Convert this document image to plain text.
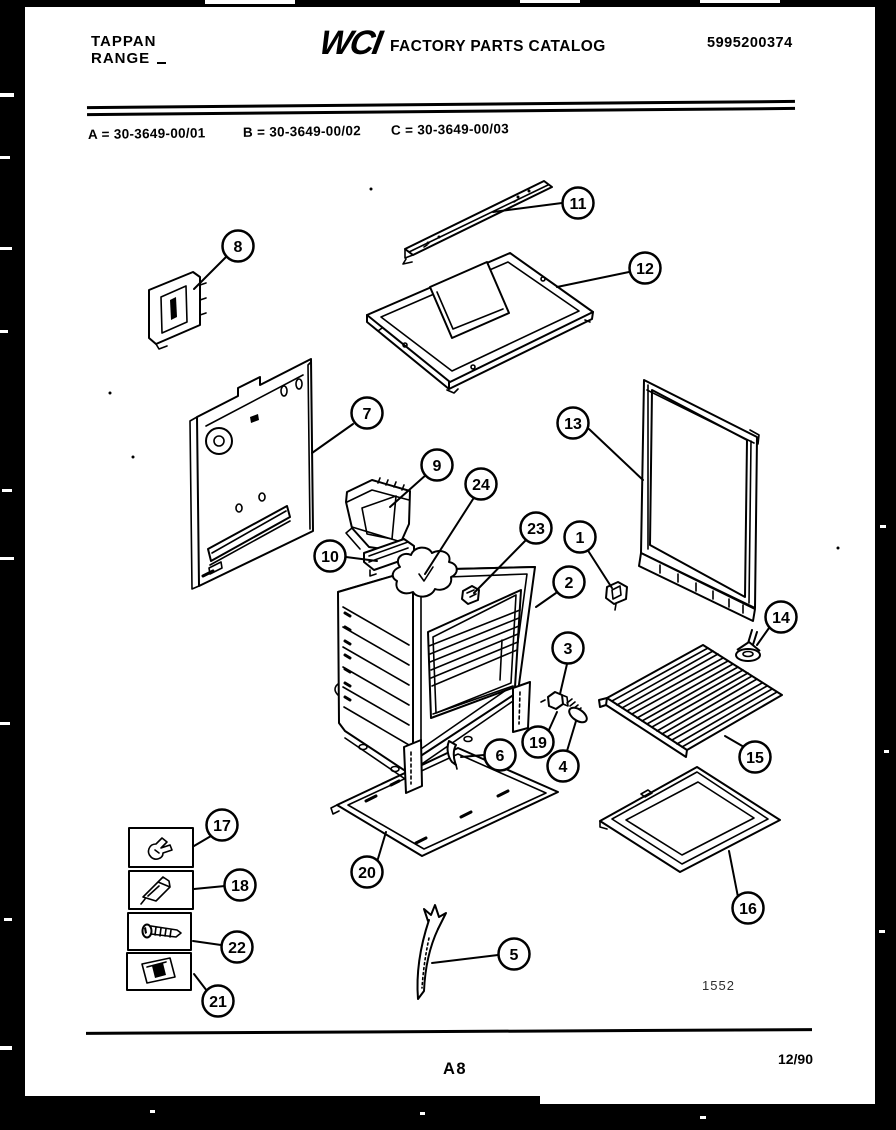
1
2
3
4
5
6
7
8
9
10
11
12
13
14
15
16
17
18
19
20
21
22
23
24
TAPPAN
RANGE	WCI FACTORY PARTS CATALOG	5995200374
A = 30-3649-00/01	B = 30-3649-00/02 C = 30-3649-00/03
1552
12/90
A8
